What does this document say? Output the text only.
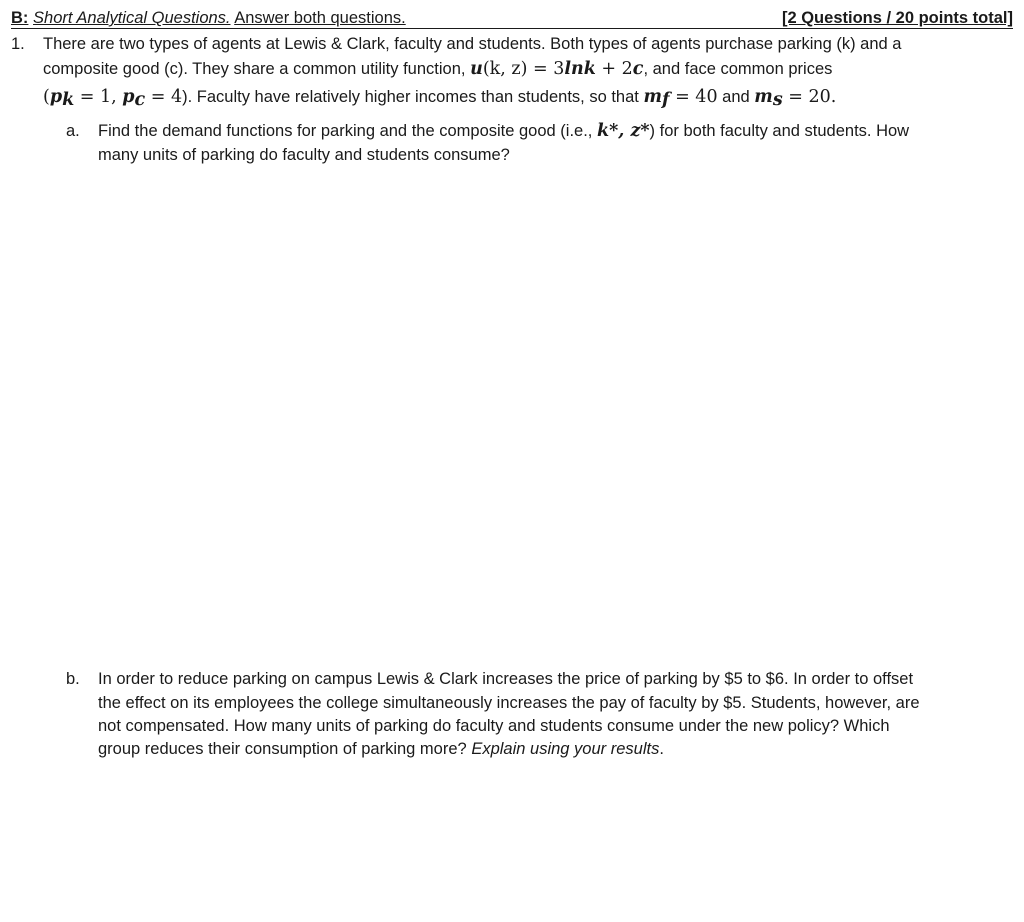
B: Short Analytical Questions. Answer both questions.	[2 Questions / 20 points total]
1. There are two types of agents at Lewis & Clark, faculty and students. Both types of agents purchase parking (k) and a
composite good (c). They share a common utility function, u(k, z) = 3lnk + 2c, and face common prices
($p_k = 1$, $p_c = 4$). Faculty have relatively higher incomes than students, so that $m_f = 40$ and $m_s = 20$.
a. Find the demand functions for parking and the composite good (i.e., k*, z*) for both faculty and students. How
many units of parking do faculty and students consume?
b. In order to reduce parking on campus Lewis & Clark increases the price of parking by $5 to $6. In order to offset
the effect on its employees the college simultaneously increases the pay of faculty by $5. Students, however, are
not compensated. How many units of parking do faculty and students consume under the new policy? Which
group reduces their consumption of parking more? Explain using your results.
